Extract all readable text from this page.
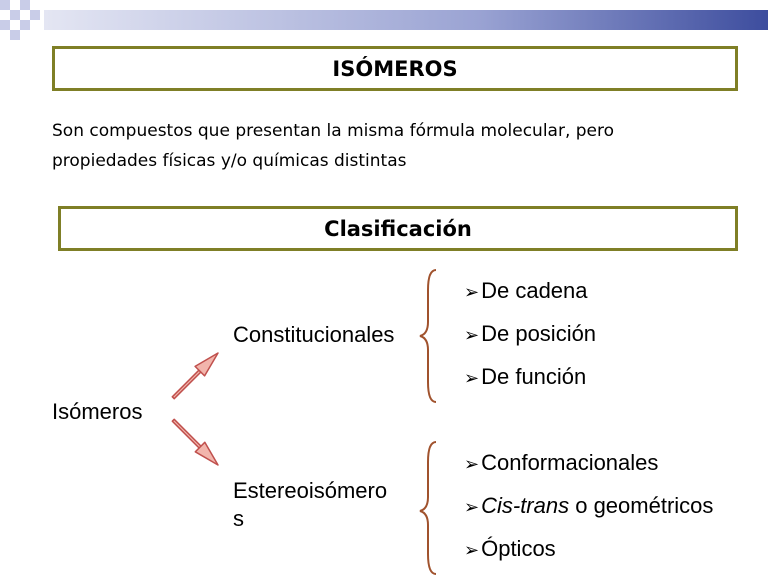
ISÓMEROS
Son compuestos que presentan la misma fórmula molecular, pero
propiedades físicas y/o químicas distintas
Clasificación
Isómeros
Constitucionales
Estereoisómero
s
➢De cadena
➢De posición
➢De función
➢Conformacionales
➢Cis-trans o geométricos
➢Ópticos
